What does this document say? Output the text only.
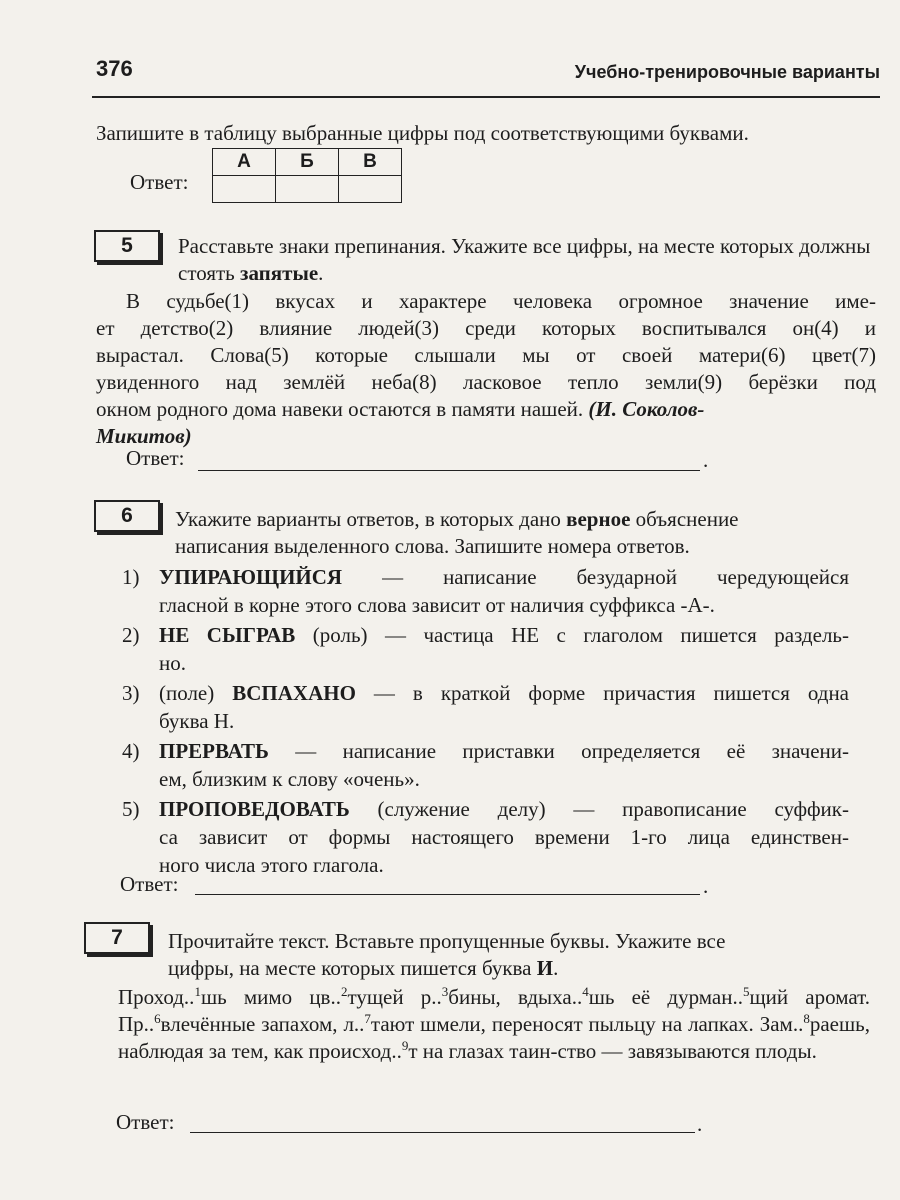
376	Учебно-тренировочные варианты
Запишите в таблицу выбранные цифры под соответствующими буквами.
Ответ:
А	Б	В

5	Расставьте знаки препинания. Укажите все цифры, на месте которых должны стоять запятые.
В судьбе(1) вкусах и характере человека огромное значение име-
ет детство(2) влияние людей(3) среди которых воспитывался он(4) и
вырастал. Слова(5) которые слышали мы от своей матери(6) цвет(7)
увиденного над землёй неба(8) ласковое тепло земли(9) берёзки под
окном родного дома навеки остаются в памяти нашей. (И. Соколов-
Микитов)
Ответ:	.
6	Укажите варианты ответов, в которых дано верное объяснение
написания выделенного слова. Запишите номера ответов.
1) УПИРАЮЩИЙСЯ — написание безударной чередующейся
гласной в корне этого слова зависит от наличия суффикса -А-.
2) НЕ СЫГРАВ (роль) — частица НЕ с глаголом пишется раздель-
но.
3) (поле) ВСПАХАНО — в краткой форме причастия пишется одна
буква Н.
4) ПРЕРВАТЬ — написание приставки определяется её значени-
ем, близким к слову «очень».
5) ПРОПОВЕДОВАТЬ (служение делу) — правописание суффик-
са зависит от формы настоящего времени 1-го лица единствен-
ного числа этого глагола.
Ответ:	.
7	Прочитайте текст. Вставьте пропущенные буквы. Укажите все
цифры, на месте которых пишется буква И.
Проход..$^1$шь мимо цв..$^2$тущей р..$^3$бины, вдыха..$^4$шь её дурман..$^5$щий аромат. Пр..$^6$влечённые запахом, л..$^7$тают шмели, переносят пыльцу на лапках. Зам..$^8$раешь, наблюдая за тем, как происход..$^9$т на глазах таин-ство — завязываются плоды.
Ответ:	.
